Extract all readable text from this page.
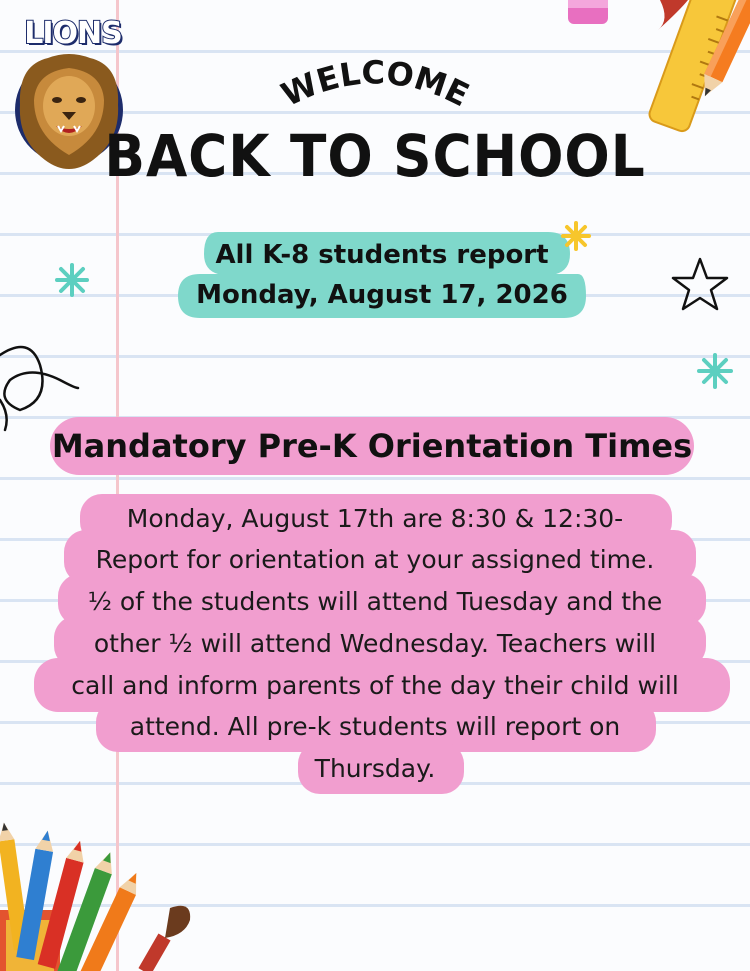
LIONS
WELCOME
BACK TO SCHOOL
All K-8 students report
Monday, August 17, 2026
Mandatory Pre-K Orientation Times
Monday, August 17th are 8:30 & 12:30-
Report for orientation at your assigned time.
½ of the students will attend Tuesday and the
other ½ will attend Wednesday. Teachers will
call and inform parents of the day their child will
attend. All pre-k students will report on
Thursday.
